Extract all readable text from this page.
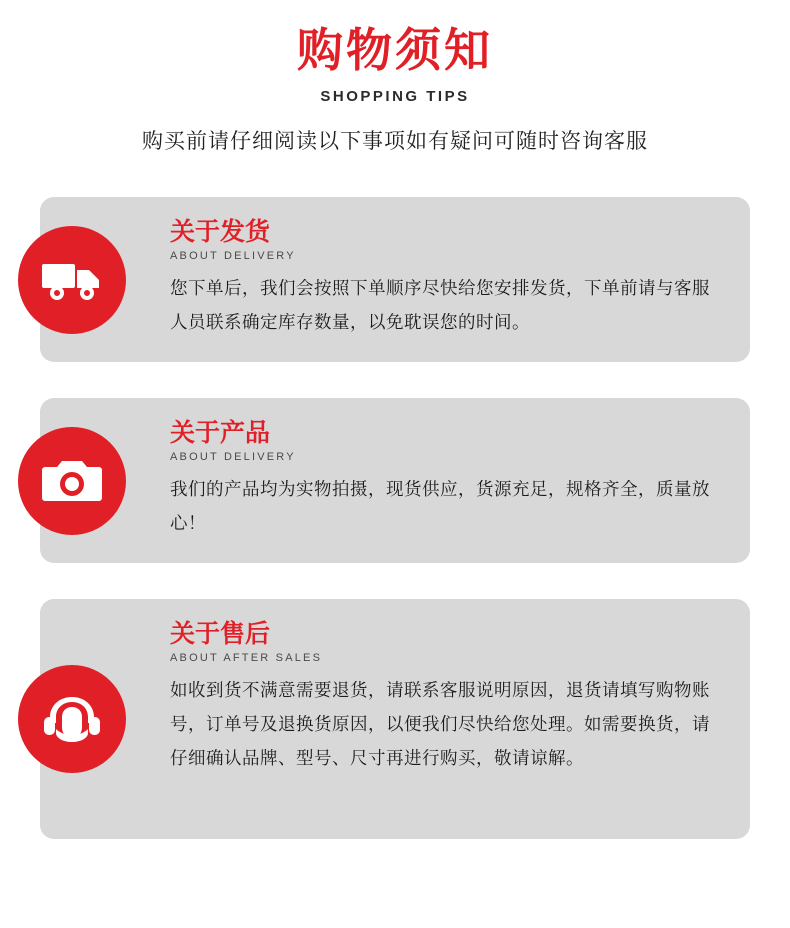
购物须知
SHOPPING TIPS
购买前请仔细阅读以下事项如有疑问可随时咨询客服
关于发货
ABOUT DELIVERY
您下单后，我们会按照下单顺序尽快给您安排发货，下单前请与客服人员联系确定库存数量，以免耽误您的时间。
关于产品
ABOUT DELIVERY
我们的产品均为实物拍摄，现货供应，货源充足，规格齐全，质量放心！
关于售后
ABOUT AFTER SALES
如收到货不满意需要退货，请联系客服说明原因，退货请填写购物账号，订单号及退换货原因，以便我们尽快给您处理。如需要换货，请仔细确认品牌、型号、尺寸再进行购买，敬请谅解。
